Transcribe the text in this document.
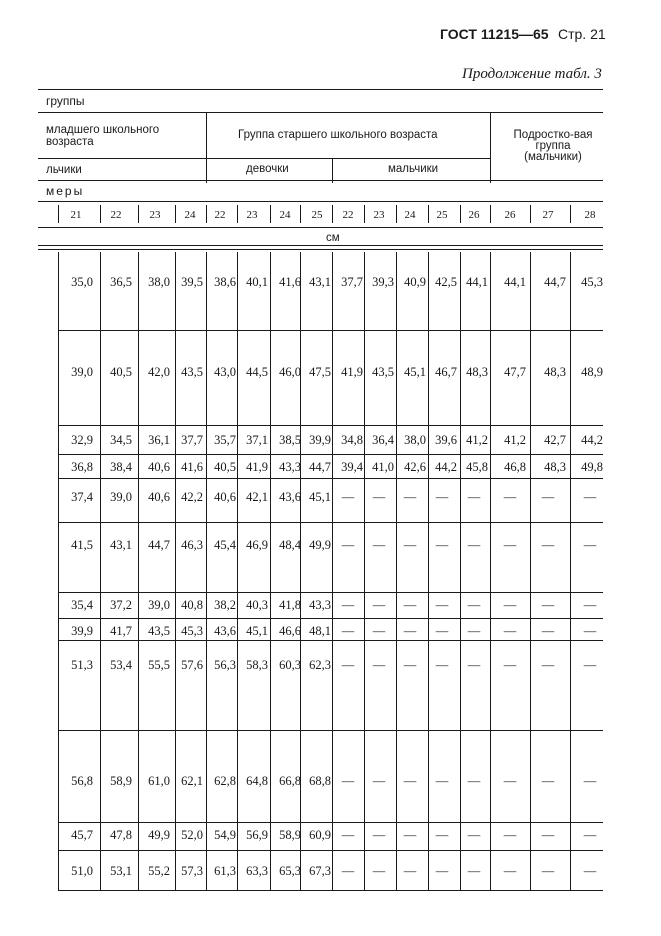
ГОСТ 11215—65 Стр. 21
Продолжение табл. 3
группы
младшего школьного возраста
Группа старшего школьного возраста	Подростко-вая группа (мальчики)
льчики	девочки	мальчики
меры
21	22	23	24	22	23	24	25	22	23	24	25	26	26	27	28
см
35,0	36,5	38,0 39,5 38,6 40,1 41,6 43,1 37,7 39,3 40,9 42,5 44,1	44,1	44,7	45,3
39,0	40,5	42,0 43,5 43,0 44,5 46,0 47,5 41,9 43,5 45,1 46,7 48,3	47,7	48,3	48,9
32,9	34,5	36,1 37,7 35,7 37,1 38,5 39,9 34,8 36,4 38,0 39,6 41,2	41,2	42,7	44,2
36,8	38,4	40,6 41,6 40,5 41,9 43,3 44,7 39,4 41,0 42,6 44,2 45,8	46,8	48,3	49,8
37,4	39,0	40,6 42,2 40,6 42,1 43,6 45,1 — — — — — — — —
41,5	43,1	44,7 46,3 45,4 46,9 48,4 49,9 — — — — — — — —
35,4	37,2	39,0 40,8 38,2 40,3 41,8 43,3 — — — — — — — —
39,9	41,7	43,5 45,3 43,6 45,1 46,6 48,1 — — — — — — — —
51,3	53,4	55,5 57,6 56,3 58,3 60,3 62,3 — — — — — — — —
56,8	58,9	61,0 62,1 62,8 64,8 66,8 68,8 — — — — — — — —
45,7	47,8	49,9 52,0 54,9 56,9 58,9 60,9 — — — — — — — —
51,0	53,1	55,2 57,3 61,3 63,3 65,3 67,3 — — — — — — — —
